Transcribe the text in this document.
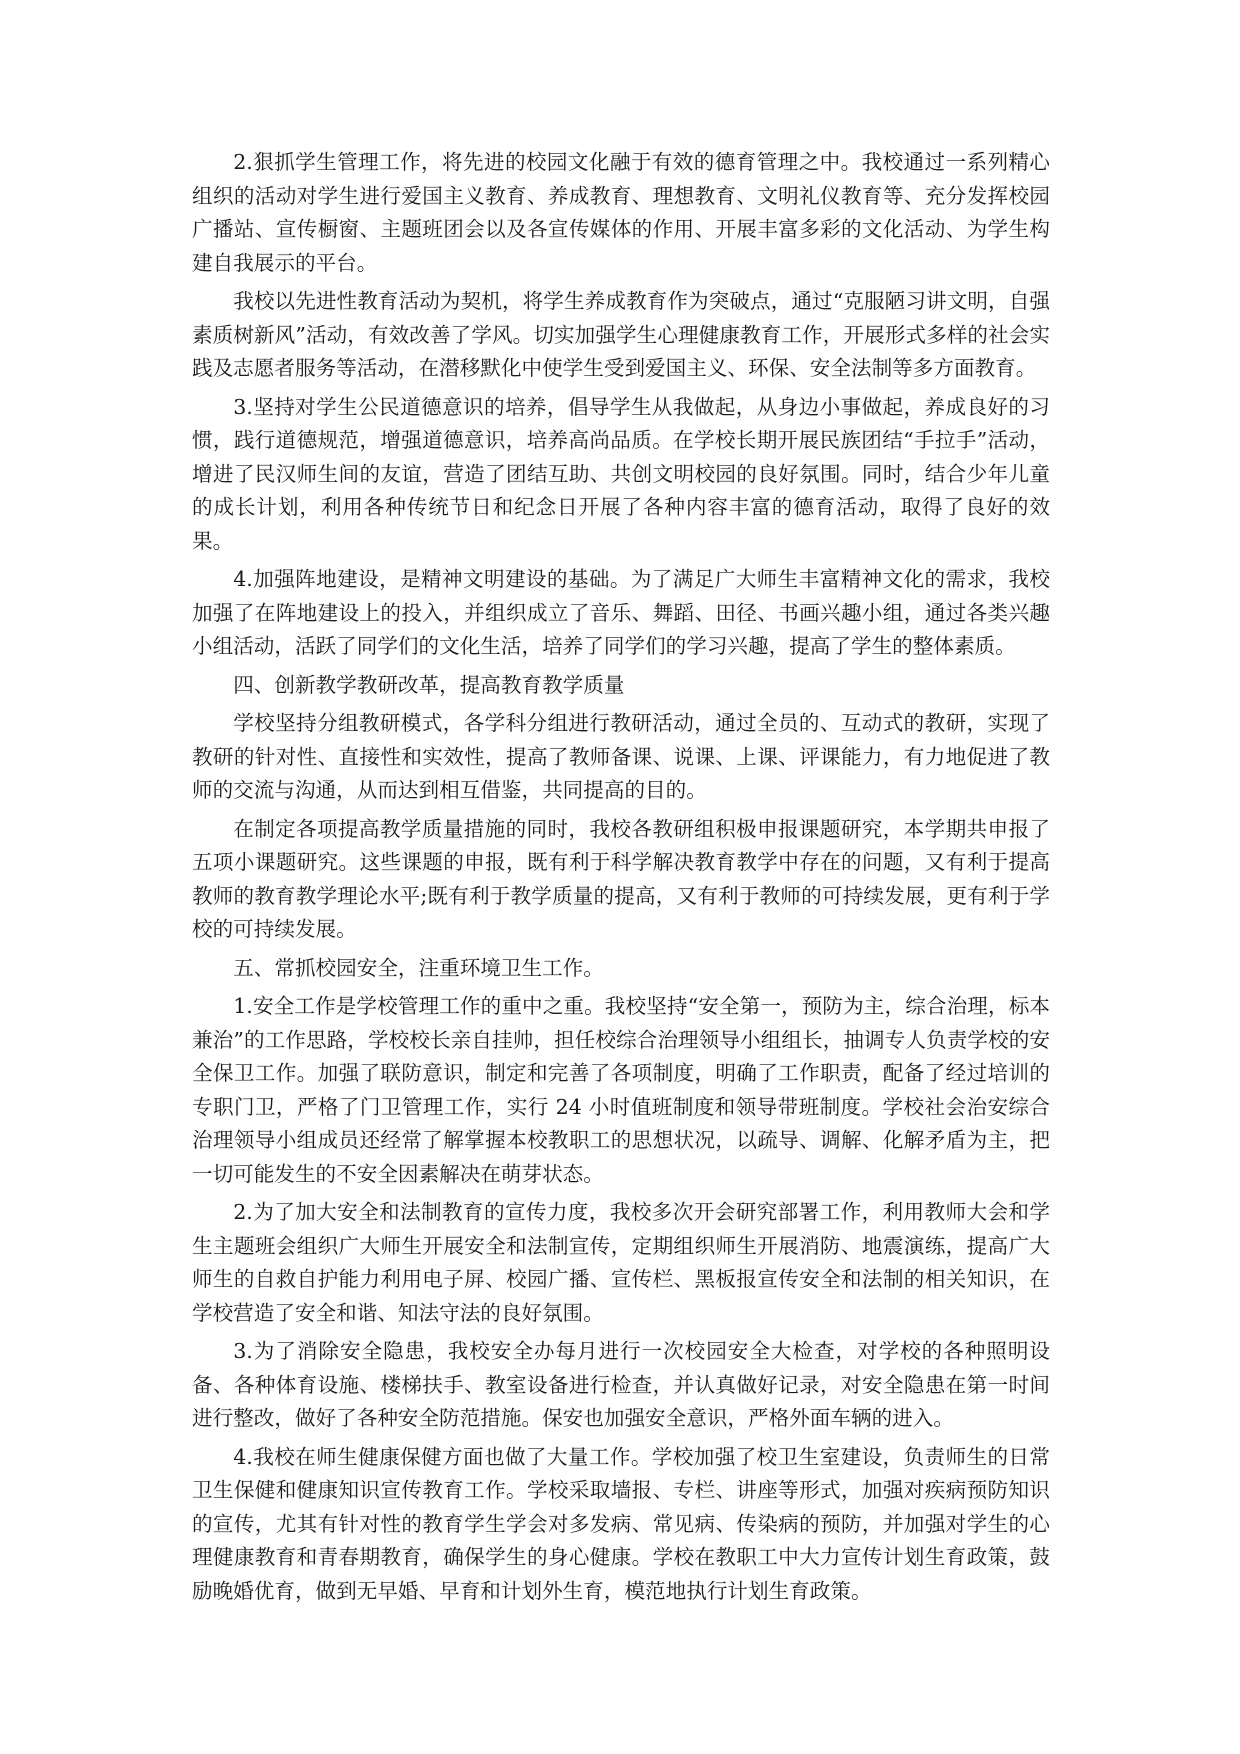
2.狠抓学生管理工作，将先进的校园文化融于有效的德育管理之中。我校通过一系列精心组织的活动对学生进行爱国主义教育、养成教育、理想教育、文明礼仪教育等、充分发挥校园广播站、宣传橱窗、主题班团会以及各宣传媒体的作用、开展丰富多彩的文化活动、为学生构建自我展示的平台。

我校以先进性教育活动为契机，将学生养成教育作为突破点，通过“克服陋习讲文明，自强素质树新风”活动，有效改善了学风。切实加强学生心理健康教育工作，开展形式多样的社会实践及志愿者服务等活动，在潜移默化中使学生受到爱国主义、环保、安全法制等多方面教育。

3.坚持对学生公民道德意识的培养，倡导学生从我做起，从身边小事做起，养成良好的习惯，践行道德规范，增强道德意识，培养高尚品质。在学校长期开展民族团结“手拉手”活动，增进了民汉师生间的友谊，营造了团结互助、共创文明校园的良好氛围。同时，结合少年儿童的成长计划，利用各种传统节日和纪念日开展了各种内容丰富的德育活动，取得了良好的效果。

4.加强阵地建设，是精神文明建设的基础。为了满足广大师生丰富精神文化的需求，我校加强了在阵地建设上的投入，并组织成立了音乐、舞蹈、田径、书画兴趣小组，通过各类兴趣小组活动，活跃了同学们的文化生活，培养了同学们的学习兴趣，提高了学生的整体素质。

四、创新教学教研改革，提高教育教学质量

学校坚持分组教研模式，各学科分组进行教研活动，通过全员的、互动式的教研，实现了教研的针对性、直接性和实效性，提高了教师备课、说课、上课、评课能力，有力地促进了教师的交流与沟通，从而达到相互借鉴，共同提高的目的。

在制定各项提高教学质量措施的同时，我校各教研组积极申报课题研究，本学期共申报了五项小课题研究。这些课题的申报，既有利于科学解决教育教学中存在的问题，又有利于提高教师的教育教学理论水平;既有利于教学质量的提高，又有利于教师的可持续发展，更有利于学校的可持续发展。

五、常抓校园安全，注重环境卫生工作。

1.安全工作是学校管理工作的重中之重。我校坚持“安全第一，预防为主，综合治理，标本兼治”的工作思路，学校校长亲自挂帅，担任校综合治理领导小组组长，抽调专人负责学校的安全保卫工作。加强了联防意识，制定和完善了各项制度，明确了工作职责，配备了经过培训的专职门卫，严格了门卫管理工作，实行 24 小时值班制度和领导带班制度。学校社会治安综合治理领导小组成员还经常了解掌握本校教职工的思想状况，以疏导、调解、化解矛盾为主，把一切可能发生的不安全因素解决在萌芽状态。

2.为了加大安全和法制教育的宣传力度，我校多次开会研究部署工作，利用教师大会和学生主题班会组织广大师生开展安全和法制宣传，定期组织师生开展消防、地震演练，提高广大师生的自救自护能力利用电子屏、校园广播、宣传栏、黑板报宣传安全和法制的相关知识，在学校营造了安全和谐、知法守法的良好氛围。

3.为了消除安全隐患，我校安全办每月进行一次校园安全大检查，对学校的各种照明设备、各种体育设施、楼梯扶手、教室设备进行检查，并认真做好记录，对安全隐患在第一时间进行整改，做好了各种安全防范措施。保安也加强安全意识，严格外面车辆的进入。

4.我校在师生健康保健方面也做了大量工作。学校加强了校卫生室建设，负责师生的日常卫生保健和健康知识宣传教育工作。学校采取墙报、专栏、讲座等形式，加强对疾病预防知识的宣传，尤其有针对性的教育学生学会对多发病、常见病、传染病的预防，并加强对学生的心理健康教育和青春期教育，确保学生的身心健康。学校在教职工中大力宣传计划生育政策，鼓励晚婚优育，做到无早婚、早育和计划外生育，模范地执行计划生育政策。
